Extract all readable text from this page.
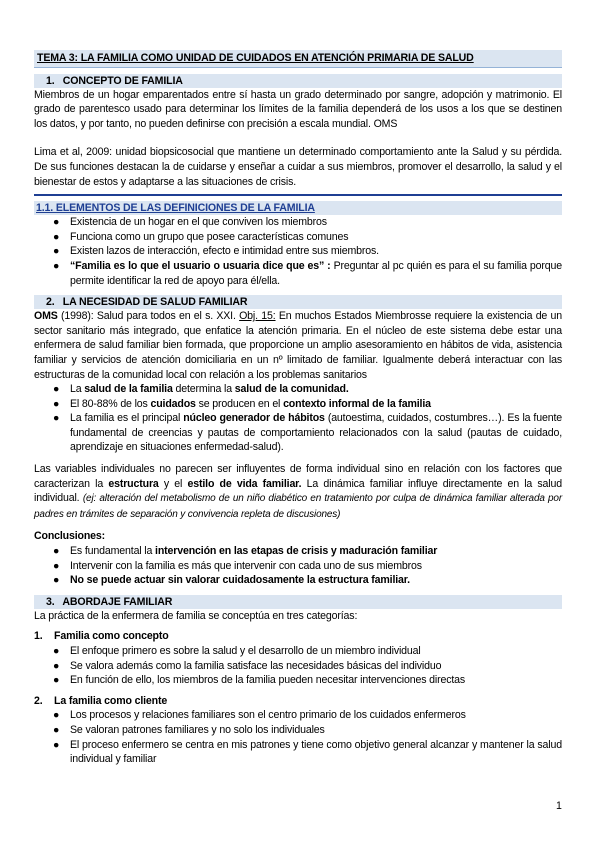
TEMA 3: LA FAMILIA COMO UNIDAD DE CUIDADOS EN ATENCIÓN PRIMARIA DE SALUD
1. CONCEPTO DE FAMILIA

Miembros de un hogar emparentados entre sí hasta un grado determinado por sangre, adopción y matrimonio. El grado de parentesco usado para determinar los límites de la familia dependerá de los usos a los que se destinen los datos, y por tanto, no pueden definirse con precisión a escala mundial. OMS

Lima et al, 2009: unidad biopsicosocial que mantiene un determinado comportamiento ante la Salud y su pérdida. De sus funciones destacan la de cuidarse y enseñar a cuidar a sus miembros, promover el desarrollo, la salud y el bienestar de estos y adaptarse a las situaciones de crisis.

1.1. ELEMENTOS DE LAS DEFINICIONES DE LA FAMILIA
● Existencia de un hogar en el que conviven los miembros
● Funciona como un grupo que posee características comunes
● Existen lazos de interacción, efecto e intimidad entre sus miembros.
● “Familia es lo que el usuario o usuaria dice que es” : Preguntar al pc quién es para el su familia porque permite identificar la red de apoyo para él/ella.
2. LA NECESIDAD DE SALUD FAMILIAR

OMS (1998): Salud para todos en el s. XXI. Obj. 15: En muchos Estados Miembrosse requiere la existencia de un sector sanitario más integrado, que enfatice la atención primaria. En el núcleo de este sistema debe estar una enfermera de salud familiar bien formada, que proporcione un amplio asesoramiento en hábitos de vida, asistencia familiar y servicios de atención domiciliaria en un nº limitado de familiar. Igualmente deberá interactuar con las estructuras de la comunidad local con relación a los problemas sanitarios

● La salud de la familia determina la salud de la comunidad.
● El 80-88% de los cuidados se producen en el contexto informal de la familia
● La familia es el principal núcleo generador de hábitos (autoestima, cuidados, costumbres…). Es la fuente fundamental de creencias y pautas de comportamiento relacionados con la salud (pautas de cuidado, aprendizaje en situaciones enfermedad-salud).

Las variables individuales no parecen ser influyentes de forma individual sino en relación con los factores que caracterizan la estructura y el estilo de vida familiar. La dinámica familiar influye directamente en la salud individual. (ej: alteración del metabolismo de un niño diabético en tratamiento por culpa de dinámica familiar alterada por padres en trámites de separación y convivencia repleta de discusiones)

Conclusiones:

● Es fundamental la intervención en las etapas de crisis y maduración familiar
● Intervenir con la familia es más que intervenir con cada uno de sus miembros
● No se puede actuar sin valorar cuidadosamente la estructura familiar.
3. ABORDAJE FAMILIAR

La práctica de la enfermera de familia se conceptúa en tres categorías:

1. Familia como concepto
● El enfoque primero es sobre la salud y el desarrollo de un miembro individual
● Se valora además como la familia satisface las necesidades básicas del individuo
● En función de ello, los miembros de la familia pueden necesitar intervenciones directas
2. La familia como cliente
● Los procesos y relaciones familiares son el centro primario de los cuidados enfermeros
● Se valoran patrones familiares y no solo los individuales
● El proceso enfermero se centra en mis patrones y tiene como objetivo general alcanzar y mantener la salud individual y familiar
1
